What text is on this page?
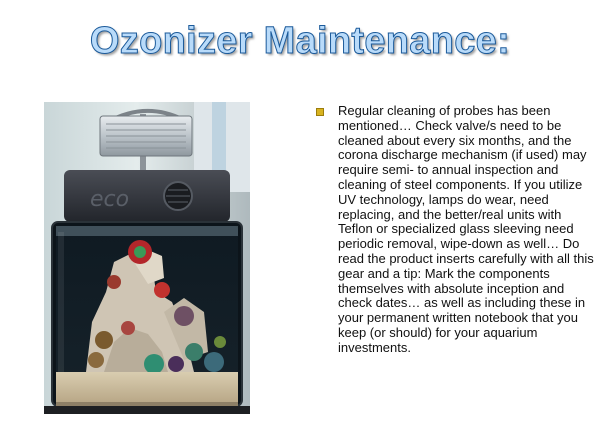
Ozonizer Maintenance:
eco
Regular cleaning of probes has been mentioned… Check valve/s need to be cleaned about every six months, and the corona discharge mechanism (if used) may require semi- to annual inspection and cleaning of steel components. If you utilize UV technology, lamps do wear, need replacing, and the better/real units with Teflon or specialized glass sleeving need periodic removal, wipe-down as well… Do read the product inserts carefully with all this gear and a tip: Mark the components themselves with absolute inception and check dates… as well as including these in your permanent written notebook that you keep (or should) for your aquarium investments.
